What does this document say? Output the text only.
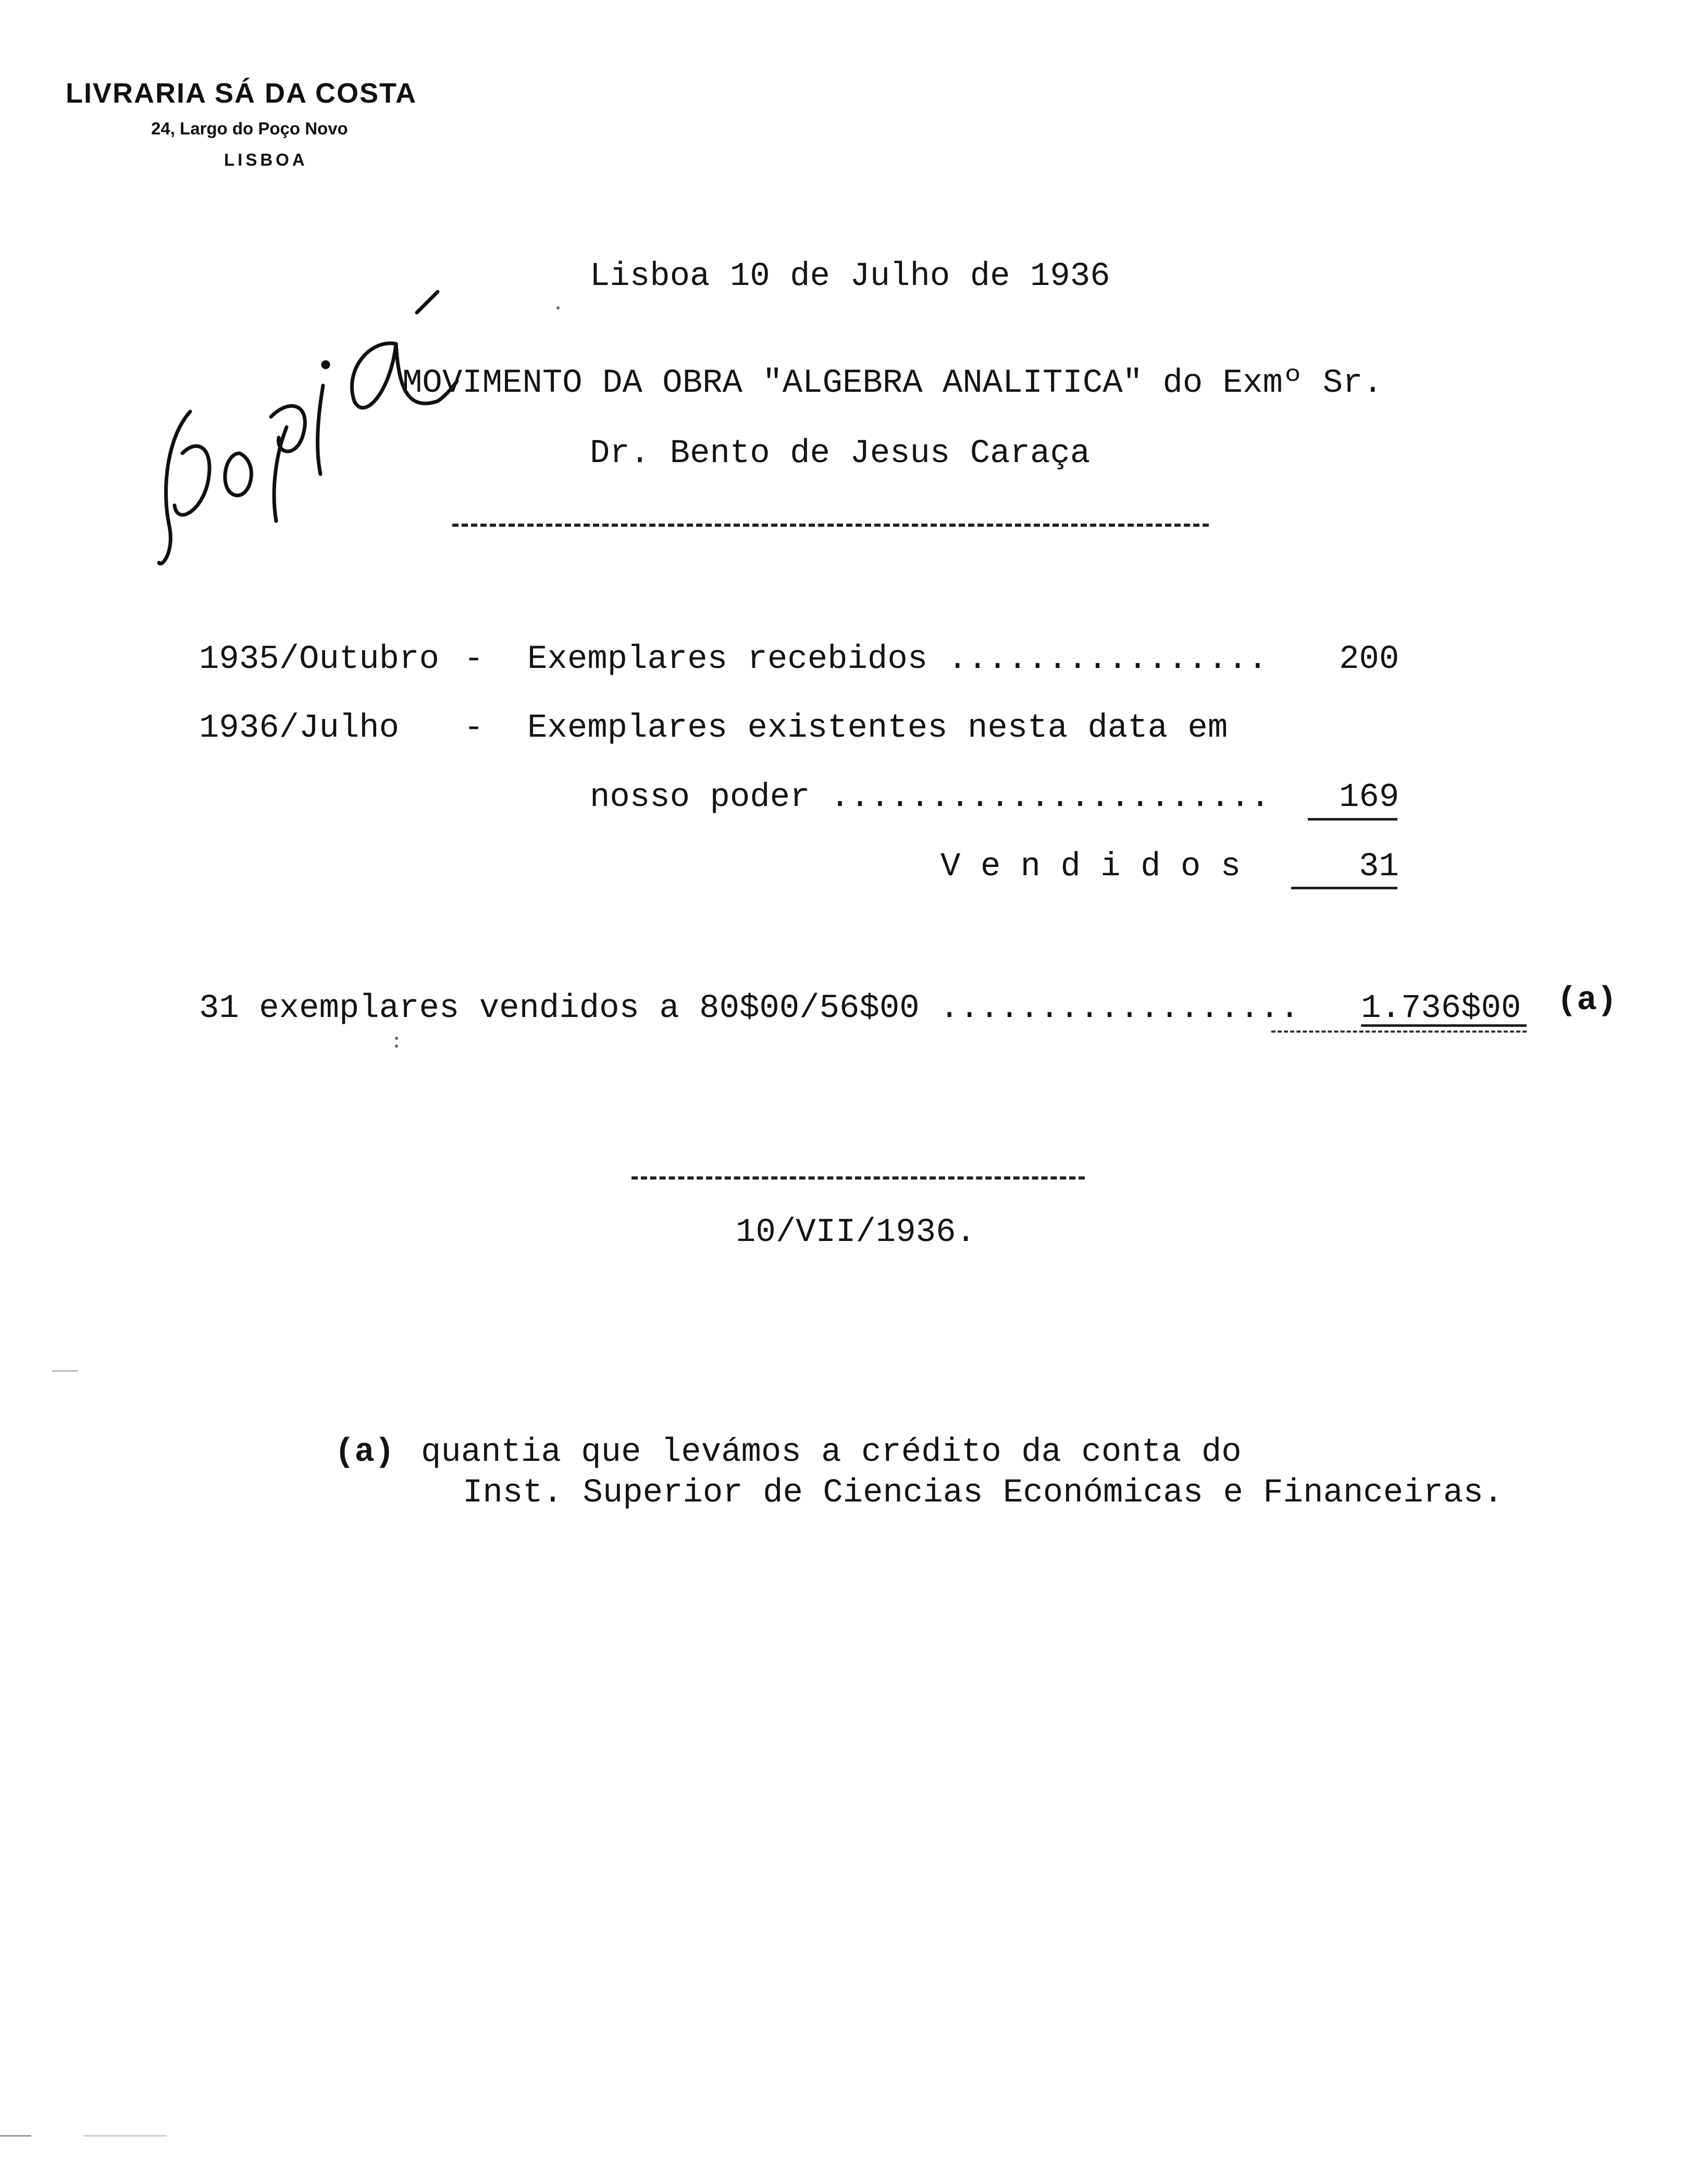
LIVRARIA SÁ DA COSTA
24, Largo do Poço Novo
LISBOA
Lisboa 10 de Julho de 1936
MOVIMENTO DA OBRA "ALGEBRA ANALITICA" do Exmº Sr.
Dr. Bento de Jesus Caraça
1935/Outubro - Exemplares recebidos ................ 200
1936/Julho - Exemplares existentes nesta data em
nosso poder ...................... 169
V e n d i d o s	31
31 exemplares vendidos a 80$00/56$00 .................. 1.736$00 (a)
10/VII/1936.
(a) quantia que levámos a crédito da conta do
Inst. Superior de Ciencias Económicas e Financeiras.
